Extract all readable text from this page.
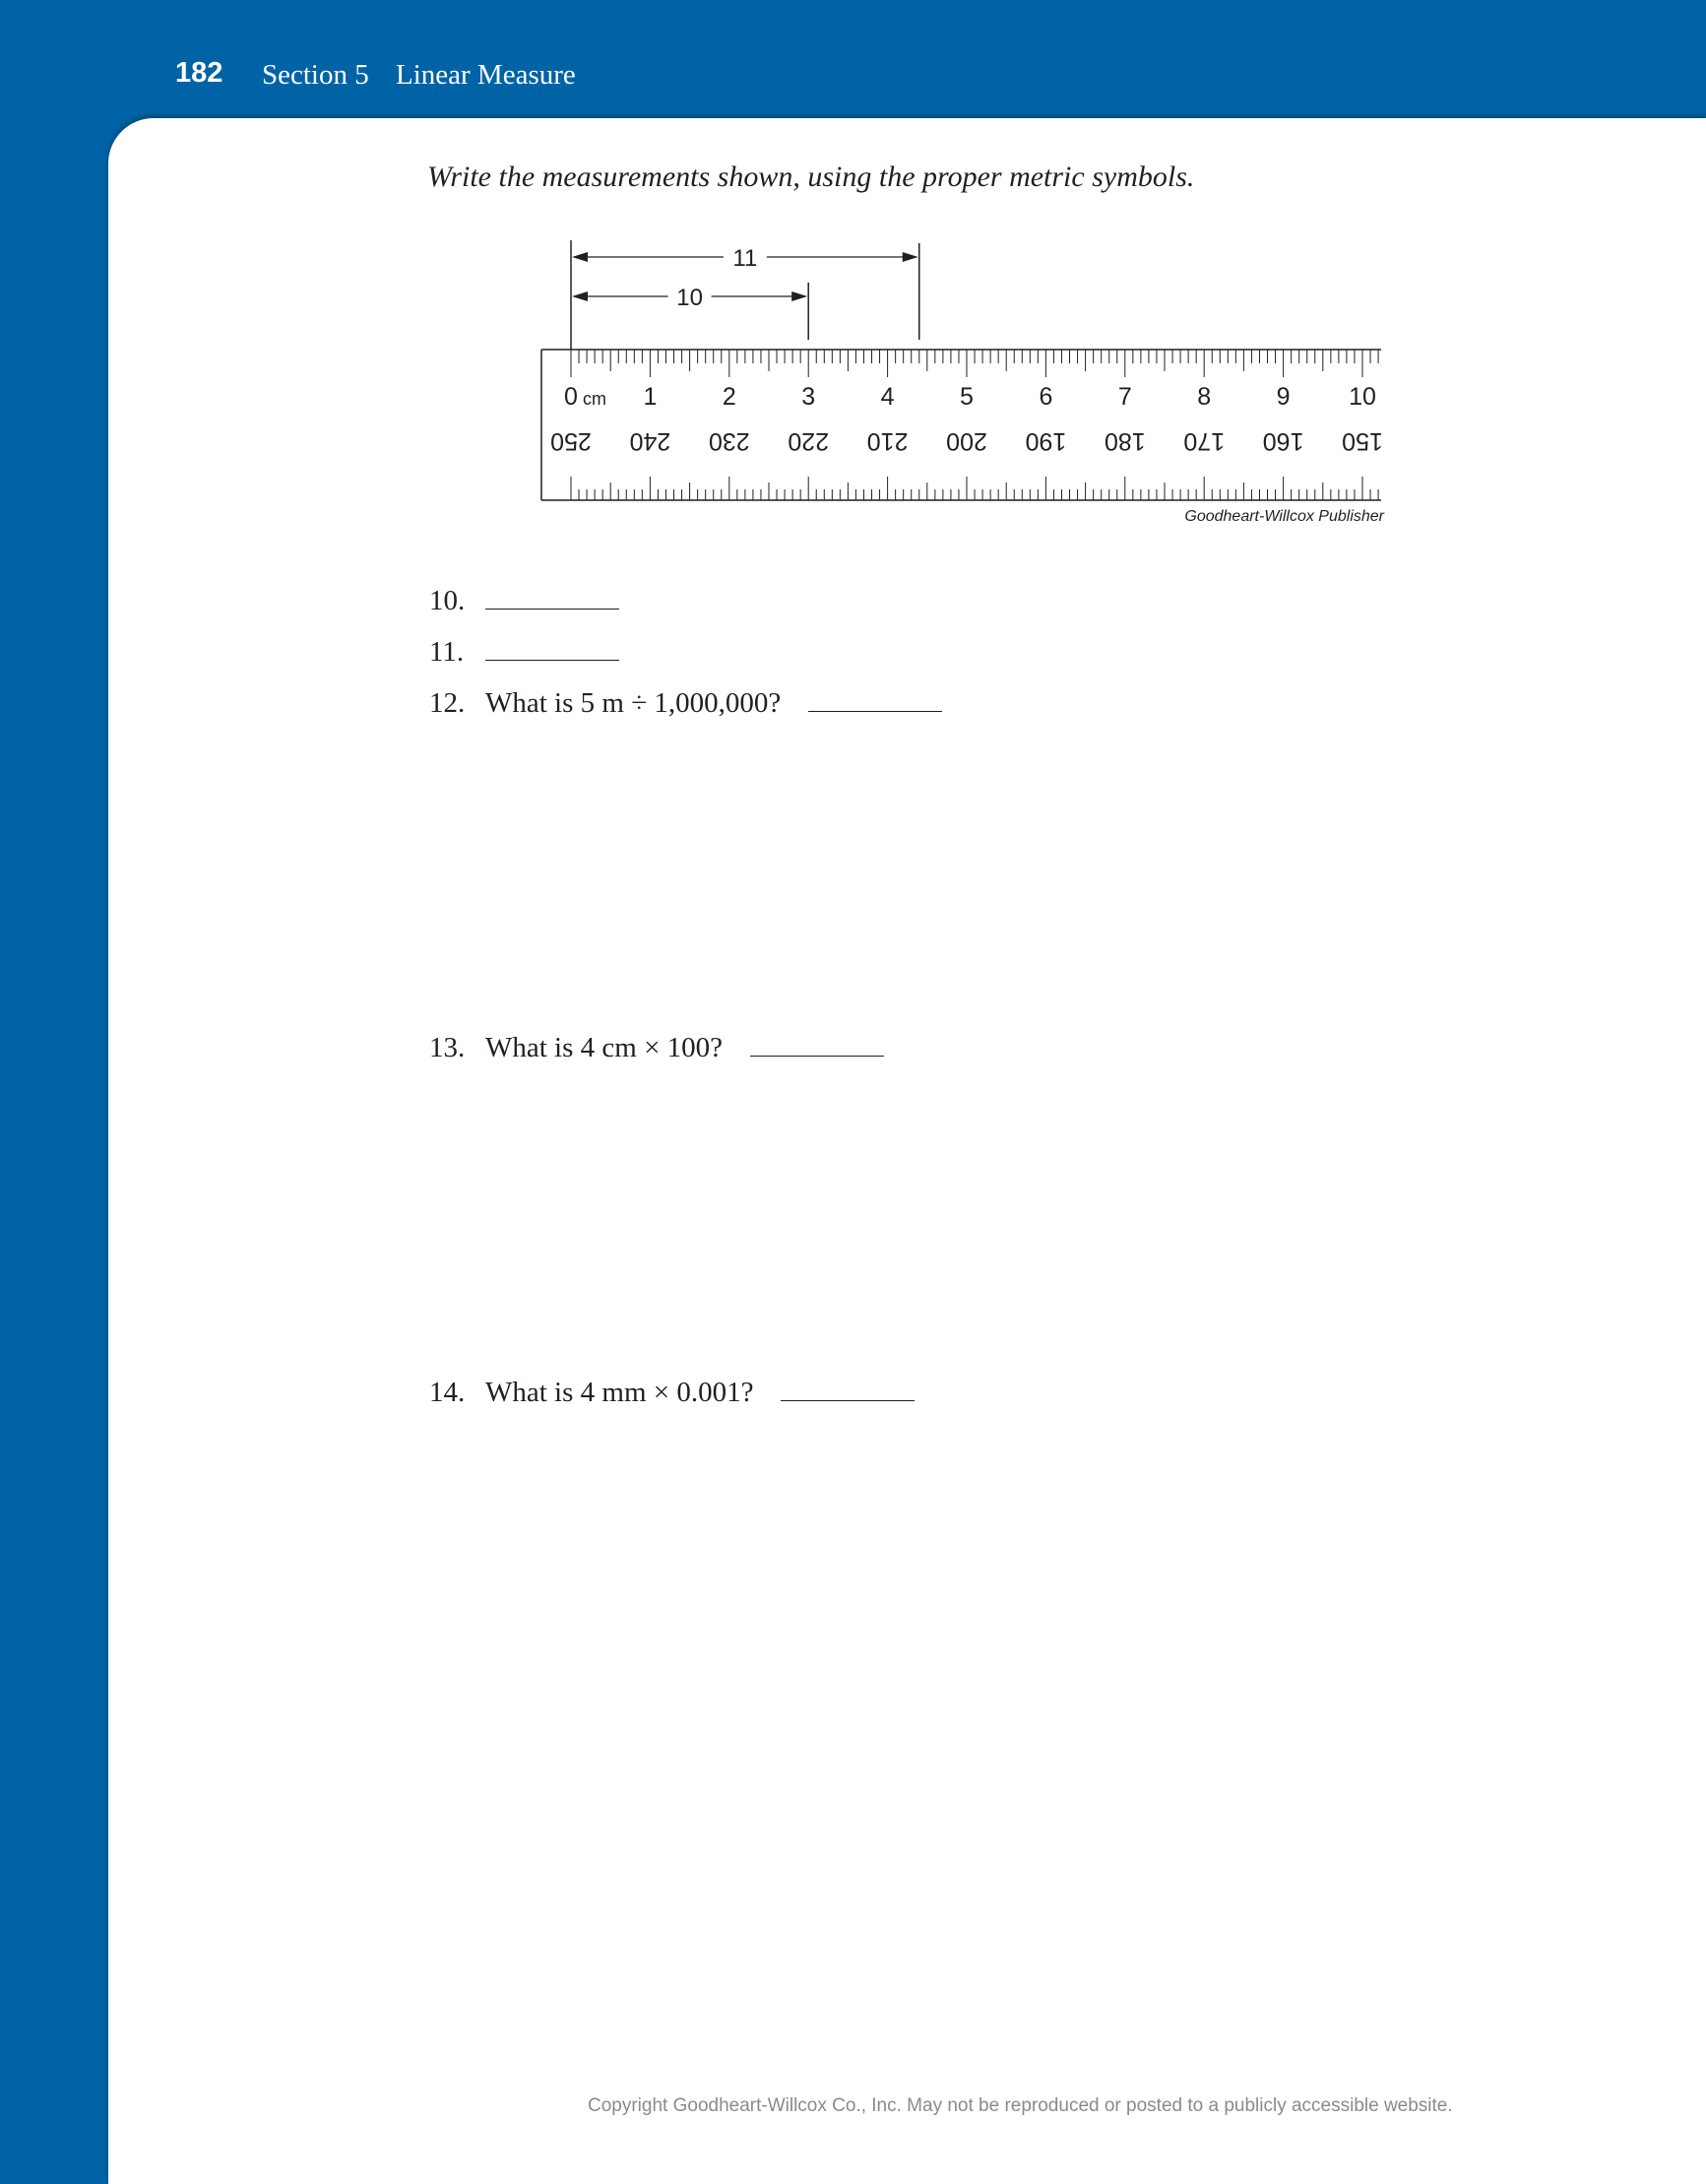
182 Section 5 Linear Measure
Write the measurements shown, using the proper metric symbols.
0	1	2	3	4	5	6	7	8	9 10
cm
250 240 230 220 210 200 190 180 170 160 150
11
10
Goodheart-Willcox Publisher
10.
11.
12. What is 5 m ÷ 1,000,000?
13. What is 4 cm × 100?
14. What is 4 mm × 0.001?
Copyright Goodheart-Willcox Co., Inc. May not be reproduced or posted to a publicly accessible website.
